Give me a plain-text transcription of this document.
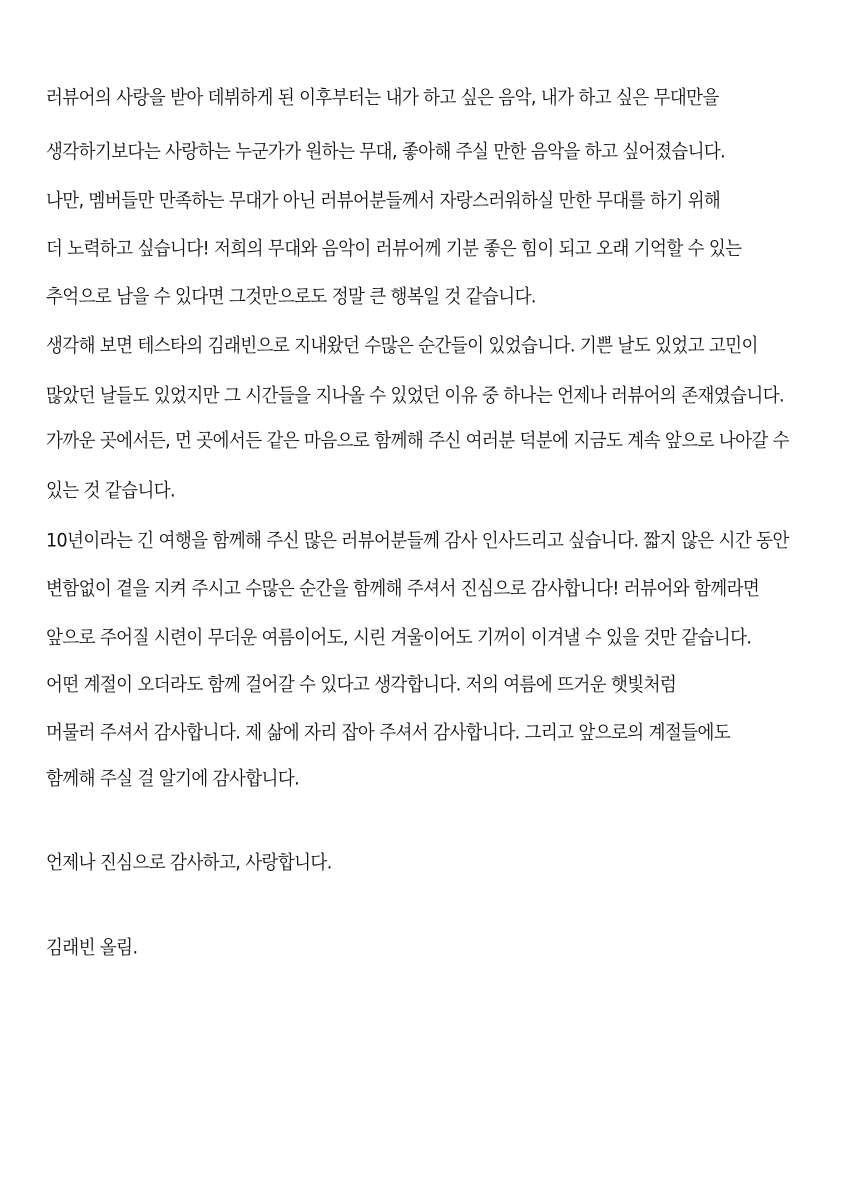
러뷰어의 사랑을 받아 데뷔하게 된 이후부터는 내가 하고 싶은 음악, 내가 하고 싶은 무대만을
생각하기보다는 사랑하는 누군가가 원하는 무대, 좋아해 주실 만한 음악을 하고 싶어졌습니다.
나만, 멤버들만 만족하는 무대가 아닌 러뷰어분들께서 자랑스러워하실 만한 무대를 하기 위해
더 노력하고 싶습니다! 저희의 무대와 음악이 러뷰어께 기분 좋은 힘이 되고 오래 기억할 수 있는
추억으로 남을 수 있다면 그것만으로도 정말 큰 행복일 것 같습니다.
생각해 보면 테스타의 김래빈으로 지내왔던 수많은 순간들이 있었습니다. 기쁜 날도 있었고 고민이
많았던 날들도 있었지만 그 시간들을 지나올 수 있었던 이유 중 하나는 언제나 러뷰어의 존재였습니다.
가까운 곳에서든, 먼 곳에서든 같은 마음으로 함께해 주신 여러분 덕분에 지금도 계속 앞으로 나아갈 수
있는 것 같습니다.
10년이라는 긴 여행을 함께해 주신 많은 러뷰어분들께 감사 인사드리고 싶습니다. 짧지 않은 시간 동안
변함없이 곁을 지켜 주시고 수많은 순간을 함께해 주셔서 진심으로 감사합니다! 러뷰어와 함께라면
앞으로 주어질 시련이 무더운 여름이어도, 시린 겨울이어도 기꺼이 이겨낼 수 있을 것만 같습니다.
어떤 계절이 오더라도 함께 걸어갈 수 있다고 생각합니다. 저의 여름에 뜨거운 햇빛처럼
머물러 주셔서 감사합니다. 제 삶에 자리 잡아 주셔서 감사합니다. 그리고 앞으로의 계절들에도
함께해 주실 걸 알기에 감사합니다.
언제나 진심으로 감사하고, 사랑합니다.
김래빈 올림.
